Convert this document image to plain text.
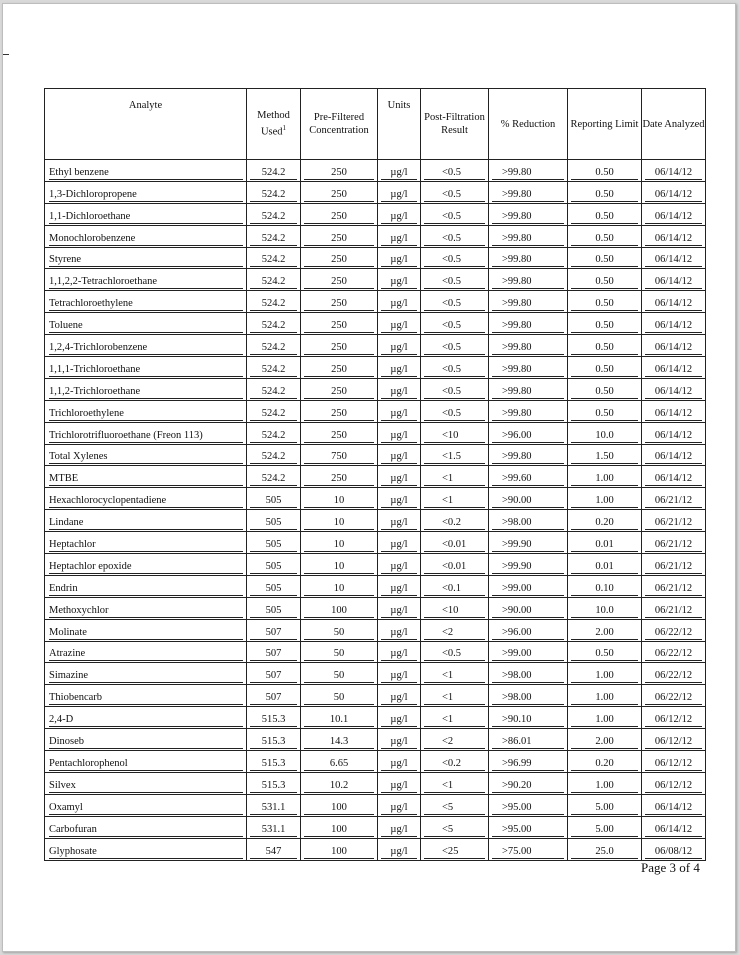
Analyte	Method Used$^1$	Pre-Filtered Concentration	Units	Post-Filtration Result	% Reduction	Reporting Limit	Date Analyzed

Ethyl benzene	524.2	250	µg/l	<0.5	>99.80	0.50	06/14/12

1,3-Dichloropropene	524.2	250	µg/l	<0.5	>99.80	0.50	06/14/12

1,1-Dichloroethane	524.2	250	µg/l	<0.5	>99.80	0.50	06/14/12

Monochlorobenzene	524.2	250	µg/l	<0.5	>99.80	0.50	06/14/12

Styrene	524.2	250	µg/l	<0.5	>99.80	0.50	06/14/12

1,1,2,2-Tetrachloroethane	524.2	250	µg/l	<0.5	>99.80	0.50	06/14/12

Tetrachloroethylene	524.2	250	µg/l	<0.5	>99.80	0.50	06/14/12

Toluene	524.2	250	µg/l	<0.5	>99.80	0.50	06/14/12

1,2,4-Trichlorobenzene	524.2	250	µg/l	<0.5	>99.80	0.50	06/14/12

1,1,1-Trichloroethane	524.2	250	µg/l	<0.5	>99.80	0.50	06/14/12

1,1,2-Trichloroethane	524.2	250	µg/l	<0.5	>99.80	0.50	06/14/12

Trichloroethylene	524.2	250	µg/l	<0.5	>99.80	0.50	06/14/12

Trichlorotrifluoroethane (Freon 113)	524.2	250	µg/l	<10	>96.00	10.0	06/14/12

Total Xylenes	524.2	750	µg/l	<1.5	>99.80	1.50	06/14/12

MTBE	524.2	250	µg/l	<1	>99.60	1.00	06/14/12

Hexachlorocyclopentadiene	505	10	µg/l	<1	>90.00	1.00	06/21/12

Lindane	505	10	µg/l	<0.2	>98.00	0.20	06/21/12

Heptachlor	505	10	µg/l	<0.01	>99.90	0.01	06/21/12

Heptachlor epoxide	505	10	µg/l	<0.01	>99.90	0.01	06/21/12

Endrin	505	10	µg/l	<0.1	>99.00	0.10	06/21/12

Methoxychlor	505	100	µg/l	<10	>90.00	10.0	06/21/12

Molinate	507	50	µg/l	<2	>96.00	2.00	06/22/12

Atrazine	507	50	µg/l	<0.5	>99.00	0.50	06/22/12

Simazine	507	50	µg/l	<1	>98.00	1.00	06/22/12

Thiobencarb	507	50	µg/l	<1	>98.00	1.00	06/22/12

2,4-D	515.3	10.1	µg/l	<1	>90.10	1.00	06/12/12

Dinoseb	515.3	14.3	µg/l	<2	>86.01	2.00	06/12/12

Pentachlorophenol	515.3	6.65	µg/l	<0.2	>96.99	0.20	06/12/12

Silvex	515.3	10.2	µg/l	<1	>90.20	1.00	06/12/12

Oxamyl	531.1	100	µg/l	<5	>95.00	5.00	06/14/12

Carbofuran	531.1	100	µg/l	<5	>95.00	5.00	06/14/12

Glyphosate	547	100	µg/l	<25	>75.00	25.0	06/08/12
Page 3 of 4
